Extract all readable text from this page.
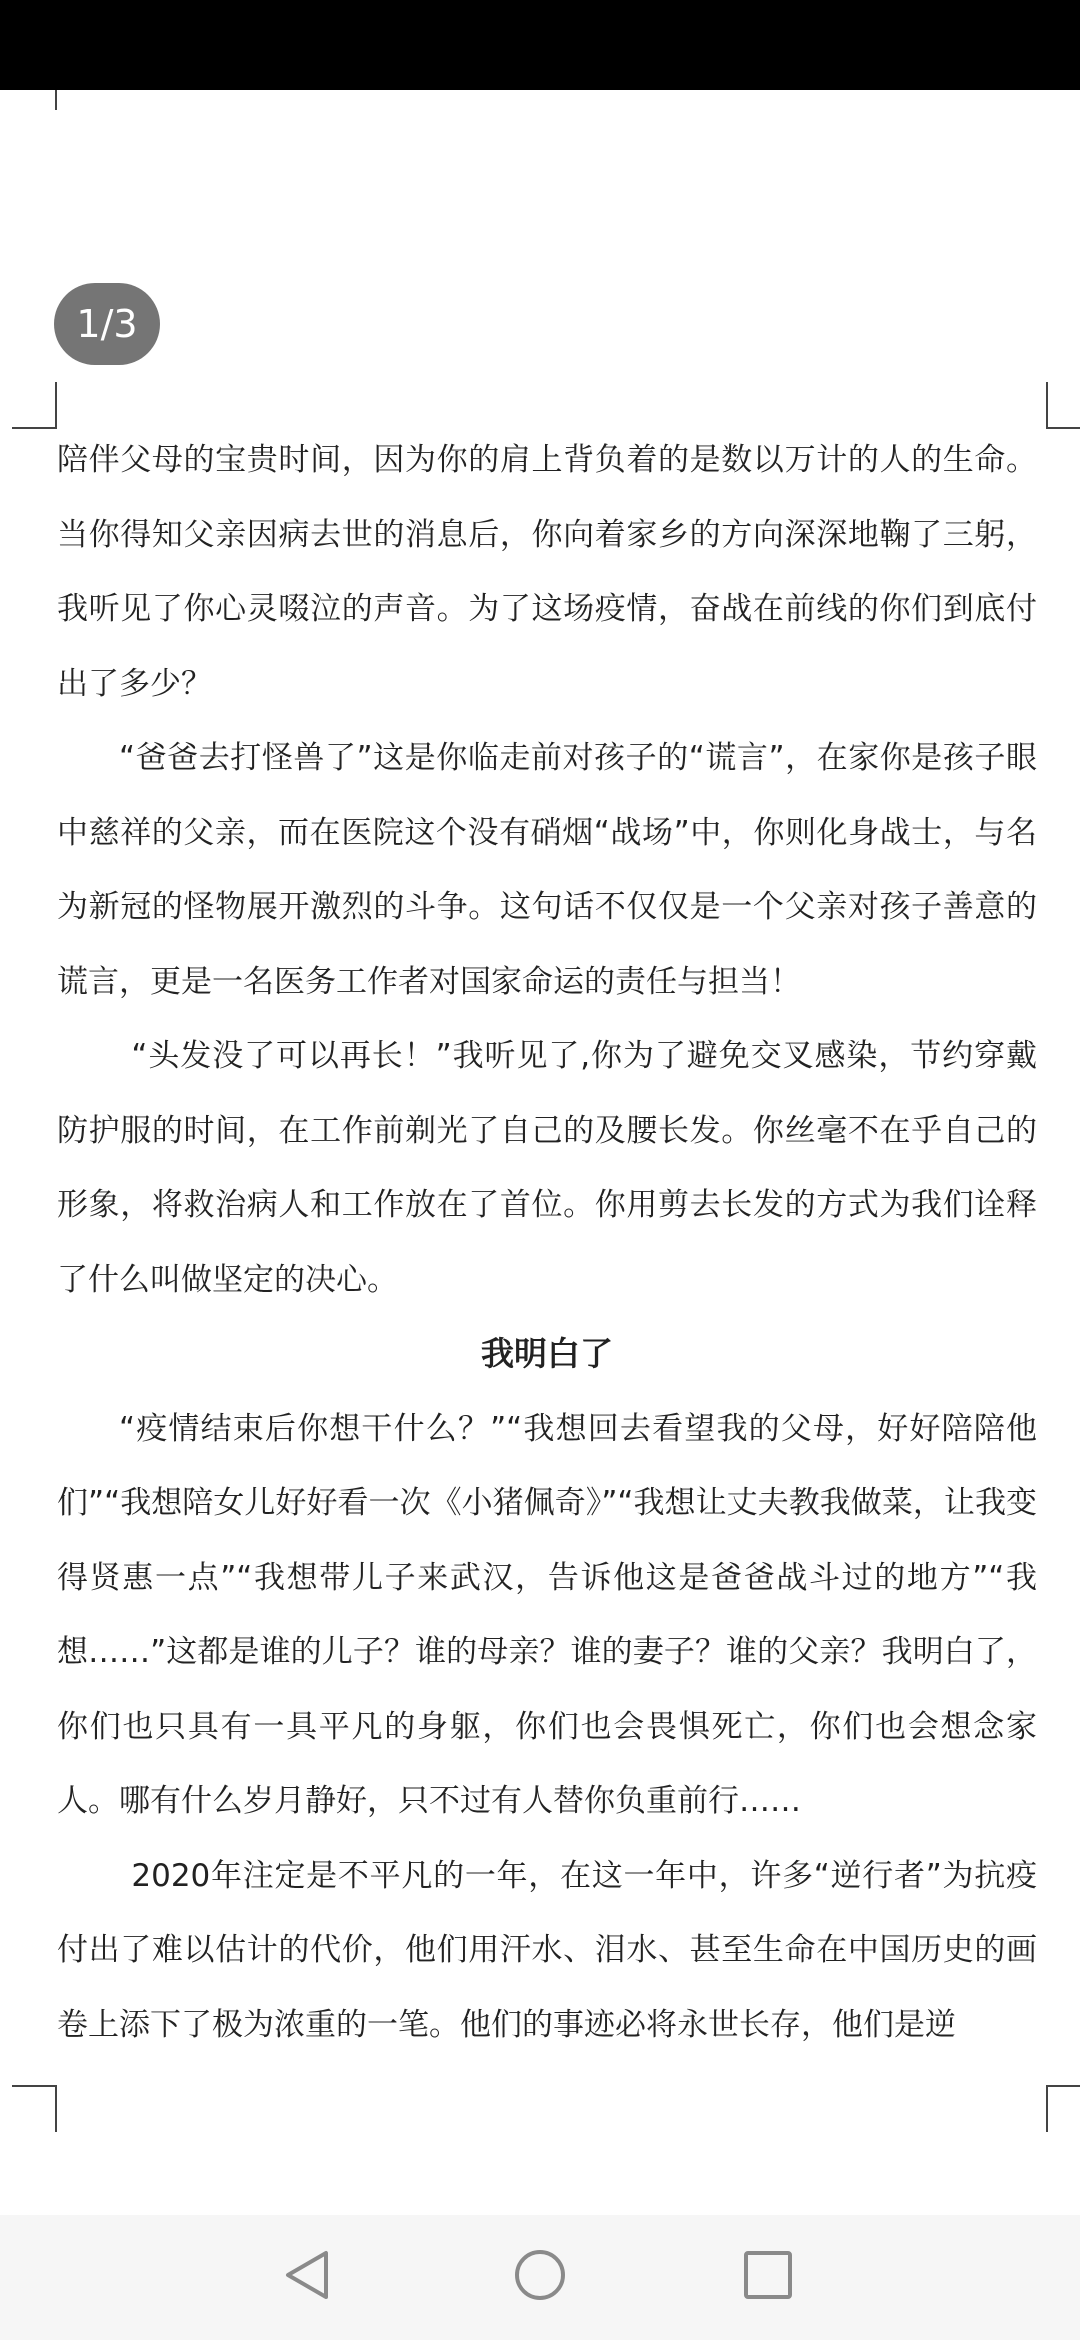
1/3

陪伴父母的宝贵时间，因为你的肩上背负着的是数以万计的人的生命。当你得知父亲因病去世的消息后，你向着家乡的方向深深地鞠了三躬，我听见了你心灵啜泣的声音。为了这场疫情，奋战在前线的你们到底付出了多少？

“爸爸去打怪兽了”这是你临走前对孩子的“谎言”，在家你是孩子眼中慈祥的父亲，而在医院这个没有硝烟“战场”中，你则化身战士，与名为新冠的怪物展开激烈的斗争。这句话不仅仅是一个父亲对孩子善意的谎言，更是一名医务工作者对国家命运的责任与担当！

“头发没了可以再长！”我听见了,你为了避免交叉感染，节约穿戴防护服的时间，在工作前剃光了自己的及腰长发。你丝毫不在乎自己的形象，将救治病人和工作放在了首位。你用剪去长发的方式为我们诠释了什么叫做坚定的决心。

我明白了

“疫情结束后你想干什么？”“我想回去看望我的父母，好好陪陪他们”“我想陪女儿好好看一次《小猪佩奇》”“我想让丈夫教我做菜，让我变得贤惠一点”“我想带儿子来武汉，告诉他这是爸爸战斗过的地方”“我想……”这都是谁的儿子？谁的母亲？谁的妻子？谁的父亲？我明白了，你们也只具有一具平凡的身躯，你们也会畏惧死亡，你们也会想念家人。哪有什么岁月静好，只不过有人替你负重前行……

2020年注定是不平凡的一年，在这一年中，许多“逆行者”为抗疫付出了难以估计的代价，他们用汗水、泪水、甚至生命在中国历史的画卷上添下了极为浓重的一笔。他们的事迹必将永世长存，他们是逆
